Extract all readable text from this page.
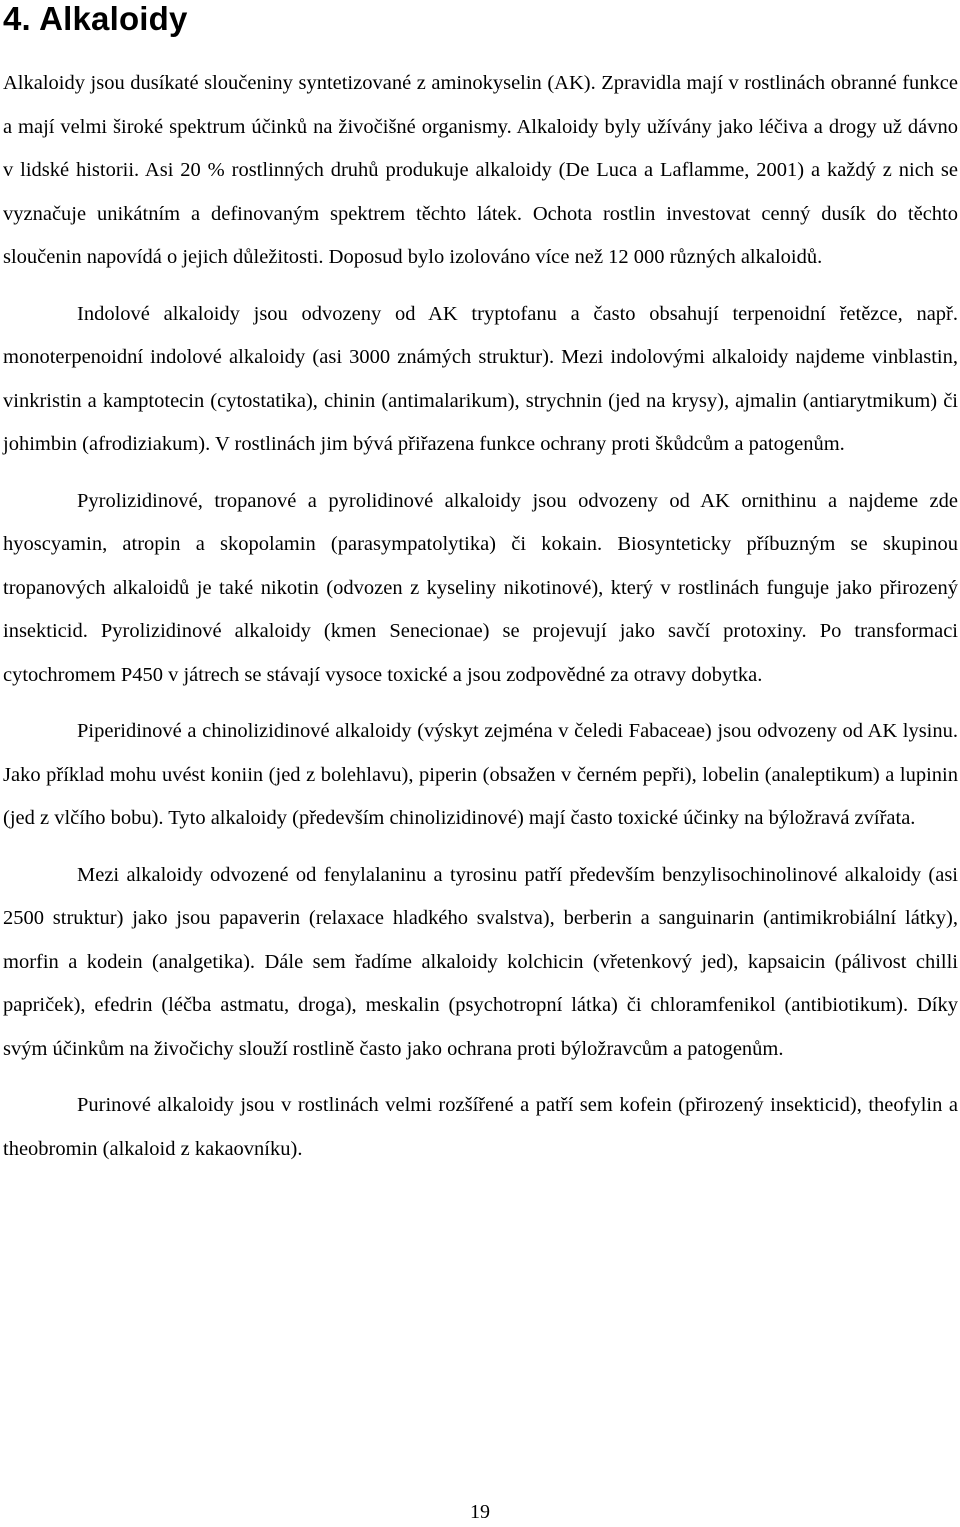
4. Alkaloidy

Alkaloidy jsou dusíkaté sloučeniny syntetizované z aminokyselin (AK). Zpravidla mají v rostlinách obranné funkce a mají velmi široké spektrum účinků na živočišné organismy. Alkaloidy byly užívány jako léčiva a drogy už dávno v lidské historii. Asi 20 % rostlinných druhů produkuje alkaloidy (De Luca a Laflamme, 2001) a každý z nich se vyznačuje unikátním a definovaným spektrem těchto látek. Ochota rostlin investovat cenný dusík do těchto sloučenin napovídá o jejich důležitosti. Doposud bylo izolováno více než 12 000 různých alkaloidů.

Indolové alkaloidy jsou odvozeny od AK tryptofanu a často obsahují terpenoidní řetězce, např. monoterpenoidní indolové alkaloidy (asi 3000 známých struktur). Mezi indolovými alkaloidy najdeme vinblastin, vinkristin a kamptotecin (cytostatika), chinin (antimalarikum), strychnin (jed na krysy), ajmalin (antiarytmikum) či johimbin (afrodiziakum). V rostlinách jim bývá přiřazena funkce ochrany proti škůdcům a patogenům.

Pyrolizidinové, tropanové a pyrolidinové alkaloidy jsou odvozeny od AK ornithinu a najdeme zde hyoscyamin, atropin a skopolamin (parasympatolytika) či kokain. Biosynteticky příbuzným se skupinou tropanových alkaloidů je také nikotin (odvozen z kyseliny nikotinové), který v rostlinách funguje jako přirozený insekticid. Pyrolizidinové alkaloidy (kmen Senecionae) se projevují jako savčí protoxiny. Po transformaci cytochromem P450 v játrech se stávají vysoce toxické a jsou zodpovědné za otravy dobytka.

Piperidinové a chinolizidinové alkaloidy (výskyt zejména v čeledi Fabaceae) jsou odvozeny od AK lysinu. Jako příklad mohu uvést koniin (jed z bolehlavu), piperin (obsažen v černém pepři), lobelin (analeptikum) a lupinin (jed z vlčího bobu). Tyto alkaloidy (především chinolizidinové) mají často toxické účinky na býložravá zvířata.

Mezi alkaloidy odvozené od fenylalaninu a tyrosinu patří především benzylisochinolinové alkaloidy (asi 2500 struktur) jako jsou papaverin (relaxace hladkého svalstva), berberin a sanguinarin (antimikrobiální látky), morfin a kodein (analgetika). Dále sem řadíme alkaloidy kolchicin (vřetenkový jed), kapsaicin (pálivost chilli papriček), efedrin (léčba astmatu, droga), meskalin (psychotropní látka) či chloramfenikol (antibiotikum). Díky svým účinkům na živočichy slouží rostlině často jako ochrana proti býložravcům a patogenům.

Purinové alkaloidy jsou v rostlinách velmi rozšířené a patří sem kofein (přirozený insekticid), theofylin a theobromin (alkaloid z kakaovníku).

19
